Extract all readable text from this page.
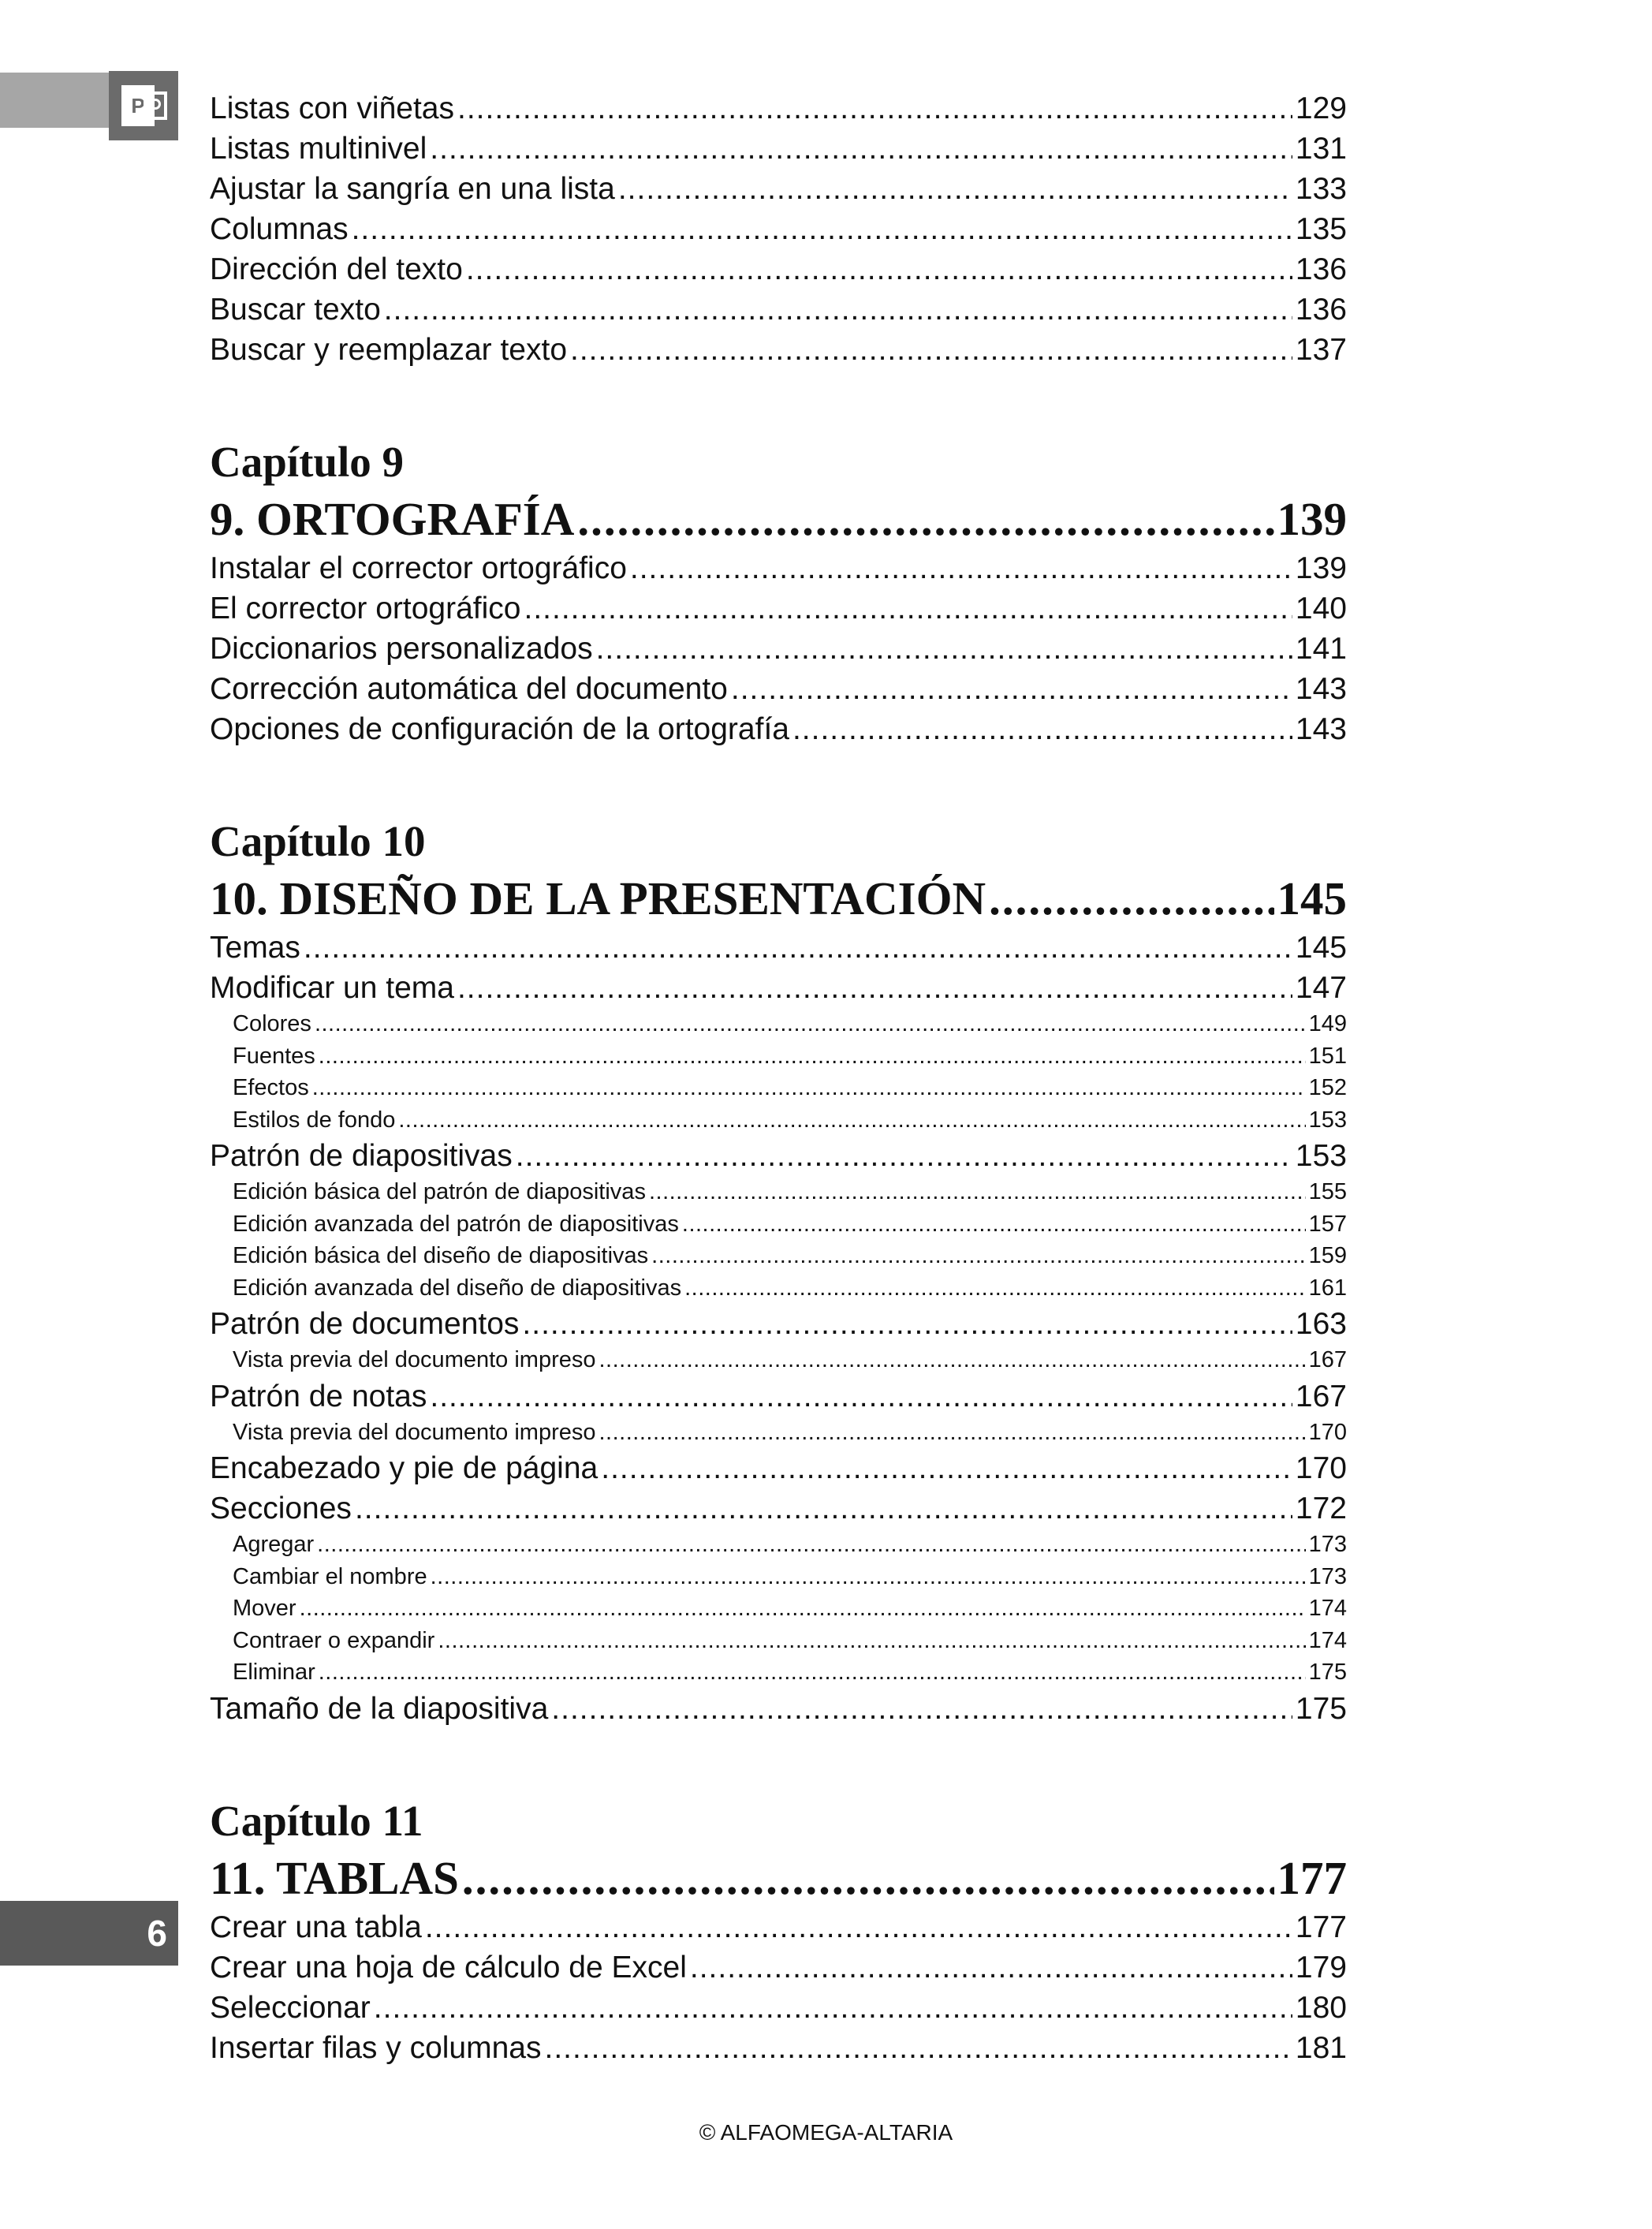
P
6
Listas con viñetas .....	129
Listas multinivel .....	131
Ajustar la sangría en una lista .....	133
Columnas .....	135
Dirección del texto .....	136
Buscar texto .....	136
Buscar y reemplazar texto .....	137
Capítulo 9
9. ORTOGRAFÍA .....	139
Instalar el corrector ortográfico .....	139
El corrector ortográfico .....	140
Diccionarios personalizados .....	141
Corrección automática del documento .....	143
Opciones de configuración de la ortografía .....	143
Capítulo 10
10. DISEÑO DE LA PRESENTACIÓN .....	145
Temas .....	145
Modificar un tema .....	147
Colores .....	149
Fuentes .....	151
Efectos .....	152
Estilos de fondo .....	153
Patrón de diapositivas .....	153
Edición básica del patrón de diapositivas .....	155
Edición avanzada del patrón de diapositivas .....	157
Edición básica del diseño de diapositivas .....	159
Edición avanzada del diseño de diapositivas .....	161
Patrón de documentos .....	163
Vista previa del documento impreso .....	167
Patrón de notas .....	167
Vista previa del documento impreso .....	170
Encabezado y pie de página .....	170
Secciones .....	172
Agregar .....	173
Cambiar el nombre .....	173
Mover .....	174
Contraer o expandir .....	174
Eliminar .....	175
Tamaño de la diapositiva .....	175
Capítulo 11
11. TABLAS .....	177
Crear una tabla .....	177
Crear una hoja de cálculo de Excel .....	179
Seleccionar .....	180
Insertar filas y columnas .....	181
© ALFAOMEGA-ALTARIA
